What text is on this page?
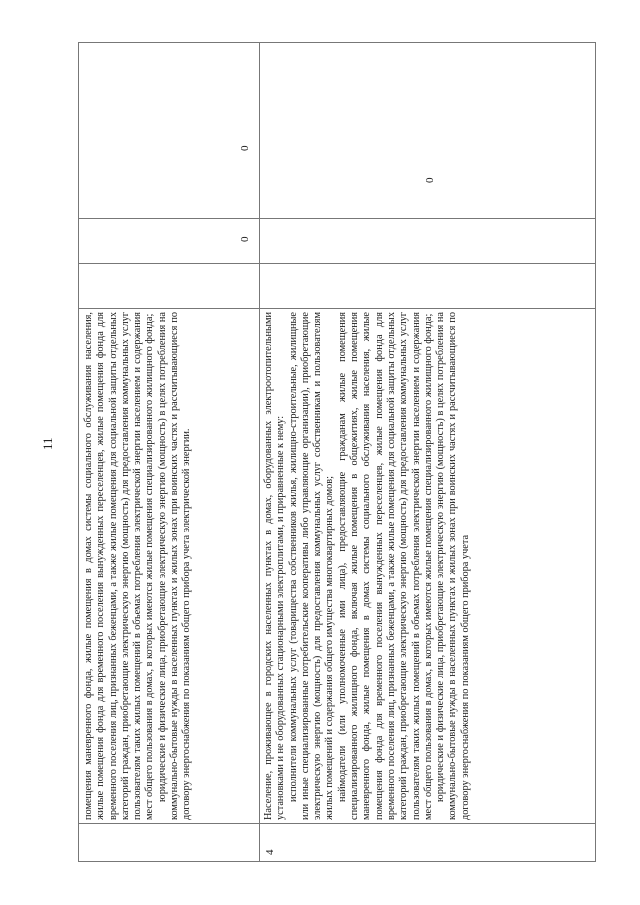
11	помещения маневренного фонда, жилые помещения в домах системы социального обслуживания населения, жилые помещения фонда для временного поселения вынужденных переселенцев, жилые помещения фонда для временного поселения лиц, признанных беженцами, а также жилые помещения для социальной защиты отдельных категорий граждан, приобретающие электрическую энергию (мощность) для предоставления коммунальных услуг пользователям таких жилых помещений в объемах потребления электрической энергии населением и содержания мест общего пользования в домах, в которых имеются жилые помещения специализированного жилищного фонда; юридические и физические лица, приобретающие электрическую энергию (мощность) в целях потребления на коммунально-бытовые нужды в населенных пунктах и жилых зонах при воинских частях и рассчитывающиеся по договору энергоснабжения по показаниям общего прибора учета электрической энергии.
0
0
4
Население, проживающее в городских населенных пунктах в домах, оборудованных электроотопительными установками и не оборудованных стационарными электроплитами, и приравненные к нему: исполнители коммунальных услуг (товарищества собственников жилья, жилищно-строительные, жилищные или иные специализированные потребительские кооперативы либо управляющие организации), приобретающие электрическую энергию (мощность) для предоставления коммунальных услуг собственникам и пользователям жилых помещений и содержания общего имущества многоквартирных домов; наймодатели (или уполномоченные ими лица), предоставляющие гражданам жилые помещения специализированного жилищного фонда, включая жилые помещения в общежитиях, жилые помещения маневренного фонда, жилые помещения в домах системы социального обслуживания населения, жилые помещения фонда для временного поселения вынужденных переселенцев, жилые помещения фонда для временного поселения лиц, признанных беженцами, а также жилые помещения для социальной защиты отдельных категорий граждан, приобретающие электрическую энергию (мощность) для предоставления коммунальных услуг пользователям таких жилых помещений в объемах потребления электрической энергии населением и содержания мест общего пользования в домах, в которых имеются жилые помещения специализированного жилищного фонда; юридические и физические лица, приобретающие электрическую энергию (мощность) в целях потребления на коммунально-бытовые нужды в населенных пунктах и жилых зонах при воинских частях и рассчитывающиеся по договору энергоснабжения по показаниям общего прибора учета
0
